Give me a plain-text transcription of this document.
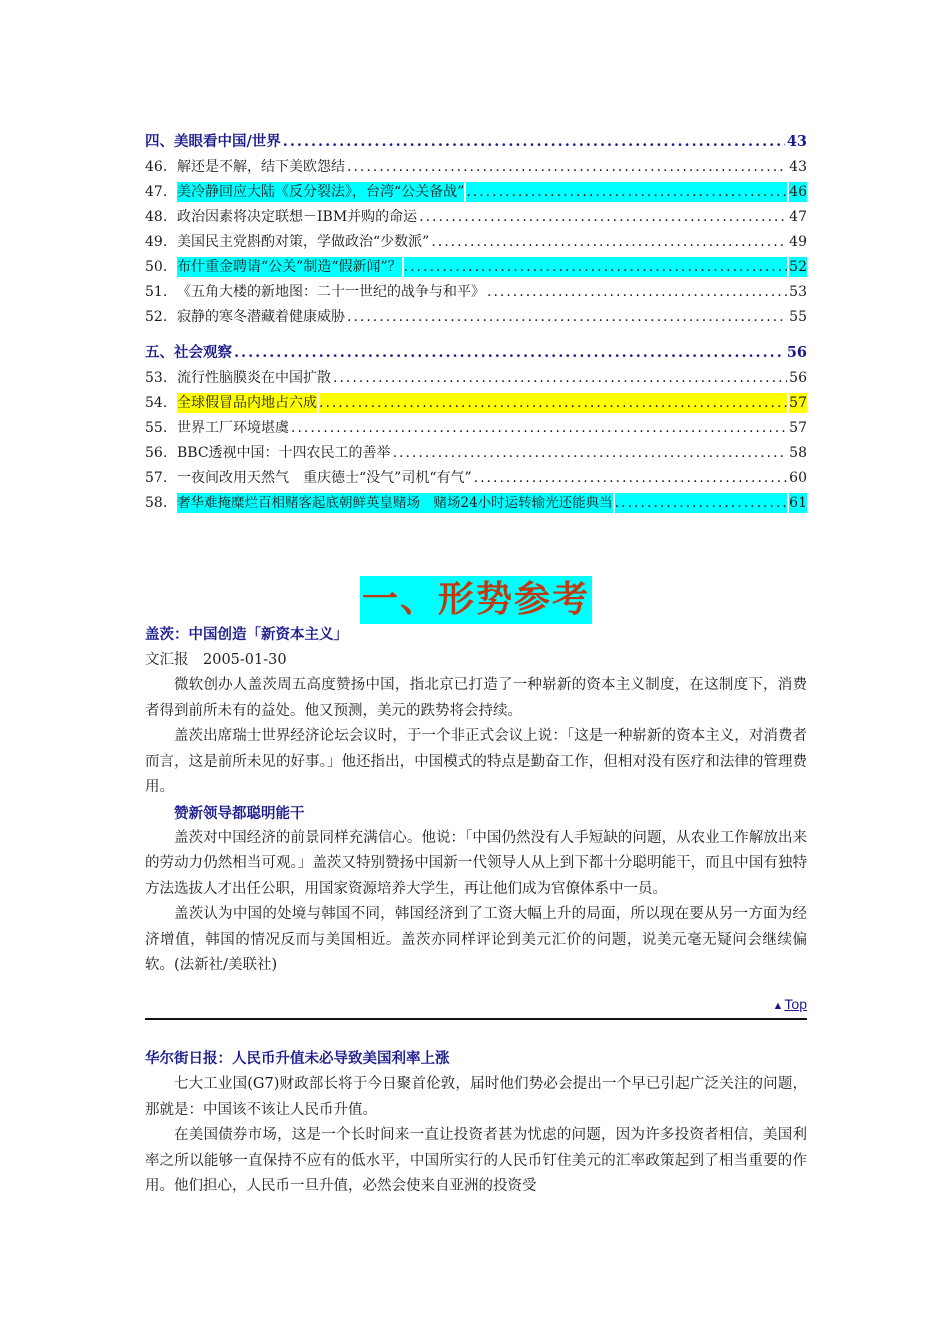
四、美眼看中国/世界 .....	43
46. 解还是不解，结下美欧怨结 .....	43
47. 美冷静回应大陆《反分裂法》，台湾“公关备战” .....	46
48. 政治因素将决定联想－IBM并购的命运 .....	47
49. 美国民主党斟酌对策，学做政治“少数派” .....	49
50. 布什重金聘请“公关”制造“假新闻”？ .....	52
51. 《五角大楼的新地图：二十一世纪的战争与和平》 .....	53
52. 寂静的寒冬潜藏着健康威胁 .....	55
五、社会观察 .....	56
53. 流行性脑膜炎在中国扩散 .....	56
54. 全球假冒品内地占六成 .....	57
55. 世界工厂环境堪虞 .....	57
56. BBC透视中国：十四农民工的善举 .....	58
57. 一夜间改用天然气　重庆德士“没气”司机“有气” .....	60
58. 奢华难掩糜烂百相赌客起底朝鲜英皇赌场　赌场24小时运转输光还能典当 .....	61
一、形势参考
盖茨：中国创造「新资本主义」
文汇报　2005-01-30

微软创办人盖茨周五高度赞扬中国，指北京已打造了一种崭新的资本主义制度，在这制度下，消费者得到前所未有的益处。他又预测，美元的跌势将会持续。

盖茨出席瑞士世界经济论坛会议时，于一个非正式会议上说：「这是一种崭新的资本主义，对消费者而言，这是前所未见的好事。」他还指出，中国模式的特点是勤奋工作，但相对没有医疗和法律的管理费用。

赞新领导都聪明能干

盖茨对中国经济的前景同样充满信心。他说：「中国仍然没有人手短缺的问题，从农业工作解放出来的劳动力仍然相当可观。」盖茨又特别赞扬中国新一代领导人从上到下都十分聪明能干，而且中国有独特方法选拔人才出任公职，用国家资源培养大学生，再让他们成为官僚体系中一员。

盖茨认为中国的处境与韩国不同，韩国经济到了工资大幅上升的局面，所以现在要从另一方面为经济增值，韩国的情况反而与美国相近。盖茨亦同样评论到美元汇价的问题，说美元毫无疑问会继续偏软。(法新社/美联社)

▲Top
华尔街日报：人民币升值未必导致美国利率上涨

七大工业国(G7)财政部长将于今日聚首伦敦，届时他们势必会提出一个早已引起广泛关注的问题，那就是：中国该不该让人民币升值。

在美国债券市场，这是一个长时间来一直让投资者甚为忧虑的问题，因为许多投资者相信，美国利率之所以能够一直保持不应有的低水平，中国所实行的人民币钉住美元的汇率政策起到了相当重要的作用。他们担心，人民币一旦升值，必然会使来自亚洲的投资受
